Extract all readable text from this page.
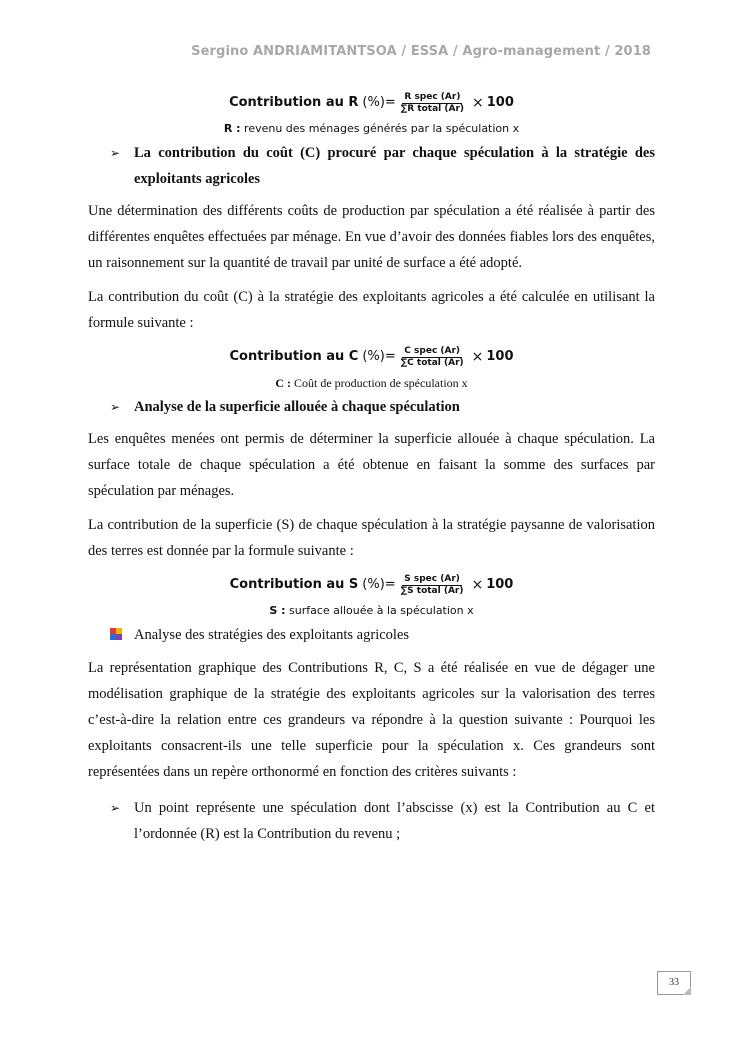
Sergino ANDRIAMITANTSOA / ESSA / Agro-management / 2018
Contribution au R (%)= $\frac{\text{R spec (Ar)}}{\text{∑R total (Ar)}} \times 100$
R : revenu des ménages générés par la spéculation x
➢ La contribution du coût (C) procuré par chaque spéculation à la stratégie des exploitants agricoles

Une détermination des différents coûts de production par spéculation a été réalisée à partir des différentes enquêtes effectuées par ménage. En vue d’avoir des données fiables lors des enquêtes, un raisonnement sur la quantité de travail par unité de surface a été adopté.

La contribution du coût (C) à la stratégie des exploitants agricoles a été calculée en utilisant la formule suivante :

Contribution au C (%)= $\frac{\text{C spec (Ar)}}{\text{∑C total (Ar)}} \times 100$
C : Coût de production de spéculation x
➢ Analyse de la superficie allouée à chaque spéculation

Les enquêtes menées ont permis de déterminer la superficie allouée à chaque spéculation. La surface totale de chaque spéculation a été obtenue en faisant la somme des surfaces par spéculation par ménages.

La contribution de la superficie (S) de chaque spéculation à la stratégie paysanne de valorisation des terres est donnée par la formule suivante :

Contribution au S (%)= $\frac{\text{S spec (Ar)}}{\text{∑S total (Ar)}} \times 100$
S : surface allouée à la spéculation x
Analyse des stratégies des exploitants agricoles

La représentation graphique des Contributions R, C, S a été réalisée en vue de dégager une modélisation graphique de la stratégie des exploitants agricoles sur la valorisation des terres c’est-à-dire la relation entre ces grandeurs va répondre à la question suivante : Pourquoi les exploitants consacrent-ils une telle superficie pour la spéculation x. Ces grandeurs sont représentées dans un repère orthonormé en fonction des critères suivants :

➢ Un point représente une spéculation dont l’abscisse (x) est la Contribution au C et l’ordonnée (R) est la Contribution du revenu ;
33
